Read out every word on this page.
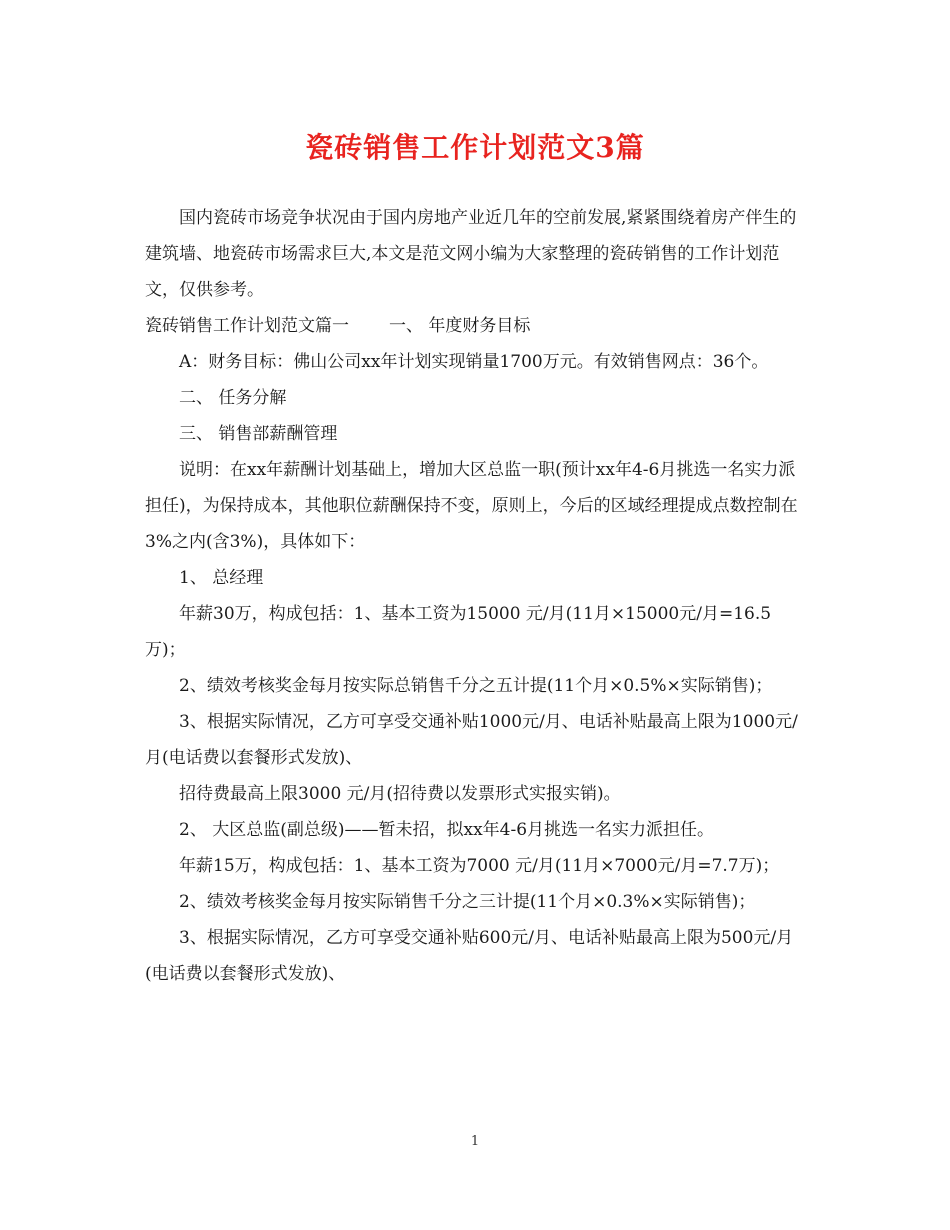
瓷砖销售工作计划范文3篇

国内瓷砖市场竞争状况由于国内房地产业近几年的空前发展,紧紧围绕着房产伴生的建筑墙、地瓷砖市场需求巨大,本文是范文网小编为大家整理的瓷砖销售的工作计划范文，仅供参考。

瓷砖销售工作计划范文篇一 一、 年度财务目标

A：财务目标：佛山公司xx年计划实现销量1700万元。有效销售网点：36个。

二、 任务分解

三、 销售部薪酬管理

说明：在xx年薪酬计划基础上，增加大区总监一职(预计xx年4-6月挑选一名实力派担任)，为保持成本，其他职位薪酬保持不变，原则上，今后的区域经理提成点数控制在3%之内(含3%)，具体如下：

1、 总经理

年薪30万，构成包括：1、基本工资为15000 元/月(11月×15000元/月=16.5万)；

2、绩效考核奖金每月按实际总销售千分之五计提(11个月×0.5%×实际销售)；

3、根据实际情况，乙方可享受交通补贴1000元/月、电话补贴最高上限为1000元/月(电话费以套餐形式发放)、

招待费最高上限3000 元/月(招待费以发票形式实报实销)。

2、 大区总监(副总级)——暂未招，拟xx年4-6月挑选一名实力派担任。

年薪15万，构成包括：1、基本工资为7000 元/月(11月×7000元/月=7.7万)；

2、绩效考核奖金每月按实际销售千分之三计提(11个月×0.3%×实际销售)；

3、根据实际情况，乙方可享受交通补贴600元/月、电话补贴最高上限为500元/月(电话费以套餐形式发放)、

1
